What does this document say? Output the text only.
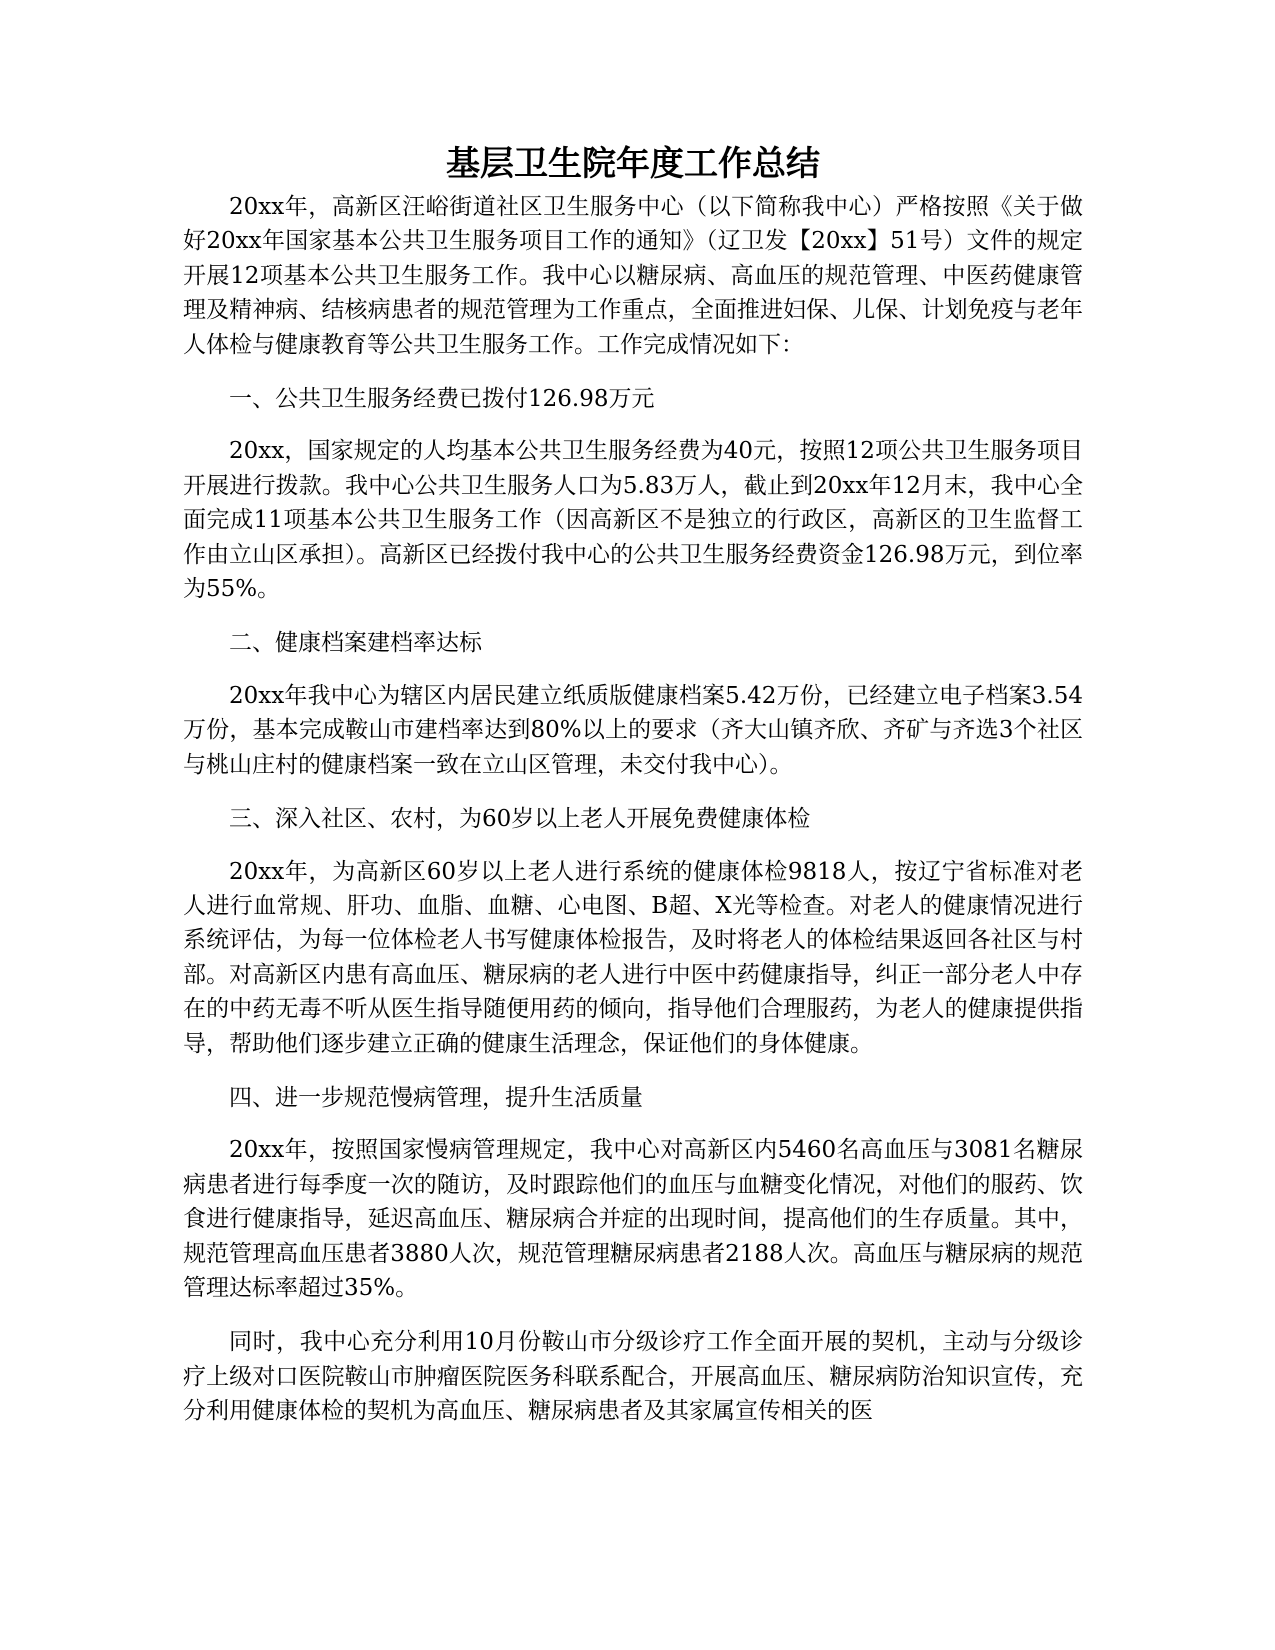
基层卫生院年度工作总结

20xx年，高新区汪峪街道社区卫生服务中心（以下简称我中心）严格按照《关于做好20xx年国家基本公共卫生服务项目工作的通知》（辽卫发【20xx】51号）文件的规定开展12项基本公共卫生服务工作。我中心以糖尿病、高血压的规范管理、中医药健康管理及精神病、结核病患者的规范管理为工作重点，全面推进妇保、儿保、计划免疫与老年人体检与健康教育等公共卫生服务工作。工作完成情况如下：

一、公共卫生服务经费已拨付126.98万元

20xx，国家规定的人均基本公共卫生服务经费为40元，按照12项公共卫生服务项目开展进行拨款。我中心公共卫生服务人口为5.83万人，截止到20xx年12月末，我中心全面完成11项基本公共卫生服务工作（因高新区不是独立的行政区，高新区的卫生监督工作由立山区承担）。高新区已经拨付我中心的公共卫生服务经费资金126.98万元，到位率为55%。

二、健康档案建档率达标

20xx年我中心为辖区内居民建立纸质版健康档案5.42万份，已经建立电子档案3.54万份，基本完成鞍山市建档率达到80%以上的要求（齐大山镇齐欣、齐矿与齐选3个社区与桃山庄村的健康档案一致在立山区管理，未交付我中心）。

三、深入社区、农村，为60岁以上老人开展免费健康体检

20xx年，为高新区60岁以上老人进行系统的健康体检9818人，按辽宁省标准对老人进行血常规、肝功、血脂、血糖、心电图、B超、X光等检查。对老人的健康情况进行系统评估，为每一位体检老人书写健康体检报告，及时将老人的体检结果返回各社区与村部。对高新区内患有高血压、糖尿病的老人进行中医中药健康指导，纠正一部分老人中存在的中药无毒不听从医生指导随便用药的倾向，指导他们合理服药，为老人的健康提供指导，帮助他们逐步建立正确的健康生活理念，保证他们的身体健康。

四、进一步规范慢病管理，提升生活质量

20xx年，按照国家慢病管理规定，我中心对高新区内5460名高血压与3081名糖尿病患者进行每季度一次的随访，及时跟踪他们的血压与血糖变化情况，对他们的服药、饮食进行健康指导，延迟高血压、糖尿病合并症的出现时间，提高他们的生存质量。其中，规范管理高血压患者3880人次，规范管理糖尿病患者2188人次。高血压与糖尿病的规范管理达标率超过35%。

同时，我中心充分利用10月份鞍山市分级诊疗工作全面开展的契机，主动与分级诊疗上级对口医院鞍山市肿瘤医院医务科联系配合，开展高血压、糖尿病防治知识宣传，充分利用健康体检的契机为高血压、糖尿病患者及其家属宣传相关的医
